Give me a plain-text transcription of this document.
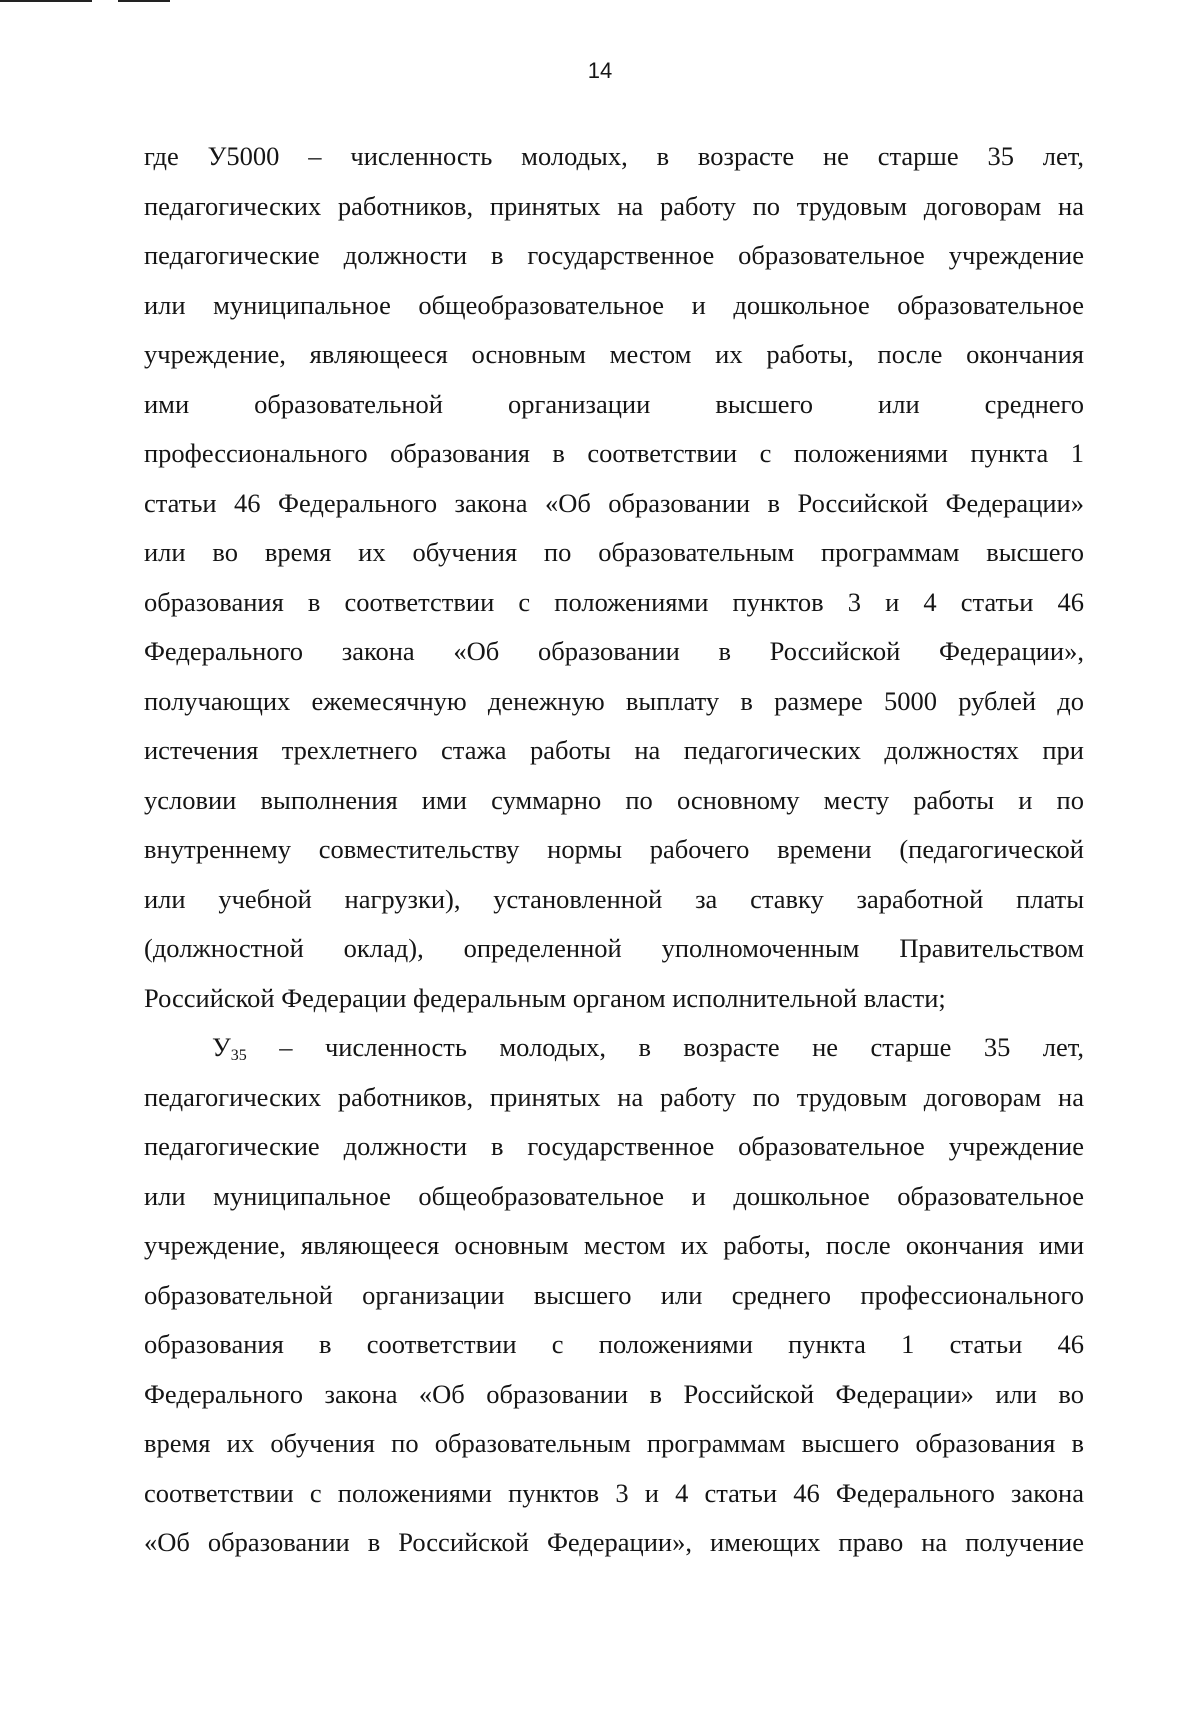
14
где У5000 – численность молодых, в возрасте не старше 35 лет,
педагогических работников, принятых на работу по трудовым договорам на
педагогические должности в государственное образовательное учреждение
или муниципальное общеобразовательное и дошкольное образовательное
учреждение, являющееся основным местом их работы, после окончания
ими образовательной организации высшего или среднего
профессионального образования в соответствии с положениями пункта 1
статьи 46 Федерального закона «Об образовании в Российской Федерации»
или во время их обучения по образовательным программам высшего
образования в соответствии с положениями пунктов 3 и 4 статьи 46
Федерального закона «Об образовании в Российской Федерации»,
получающих ежемесячную денежную выплату в размере 5000 рублей до
истечения трехлетнего стажа работы на педагогических должностях при
условии выполнения ими суммарно по основному месту работы и по
внутреннему совместительству нормы рабочего времени (педагогической
или учебной нагрузки), установленной за ставку заработной платы
(должностной оклад), определенной уполномоченным Правительством
Российской Федерации федеральным органом исполнительной власти;
$У_{35}$ – численность молодых, в возрасте не старше 35 лет,
педагогических работников, принятых на работу по трудовым договорам на
педагогические должности в государственное образовательное учреждение
или муниципальное общеобразовательное и дошкольное образовательное
учреждение, являющееся основным местом их работы, после окончания ими
образовательной организации высшего или среднего профессионального
образования в соответствии с положениями пункта 1 статьи 46
Федерального закона «Об образовании в Российской Федерации» или во
время их обучения по образовательным программам высшего образования в
соответствии с положениями пунктов 3 и 4 статьи 46 Федерального закона
«Об образовании в Российской Федерации», имеющих право на получение
